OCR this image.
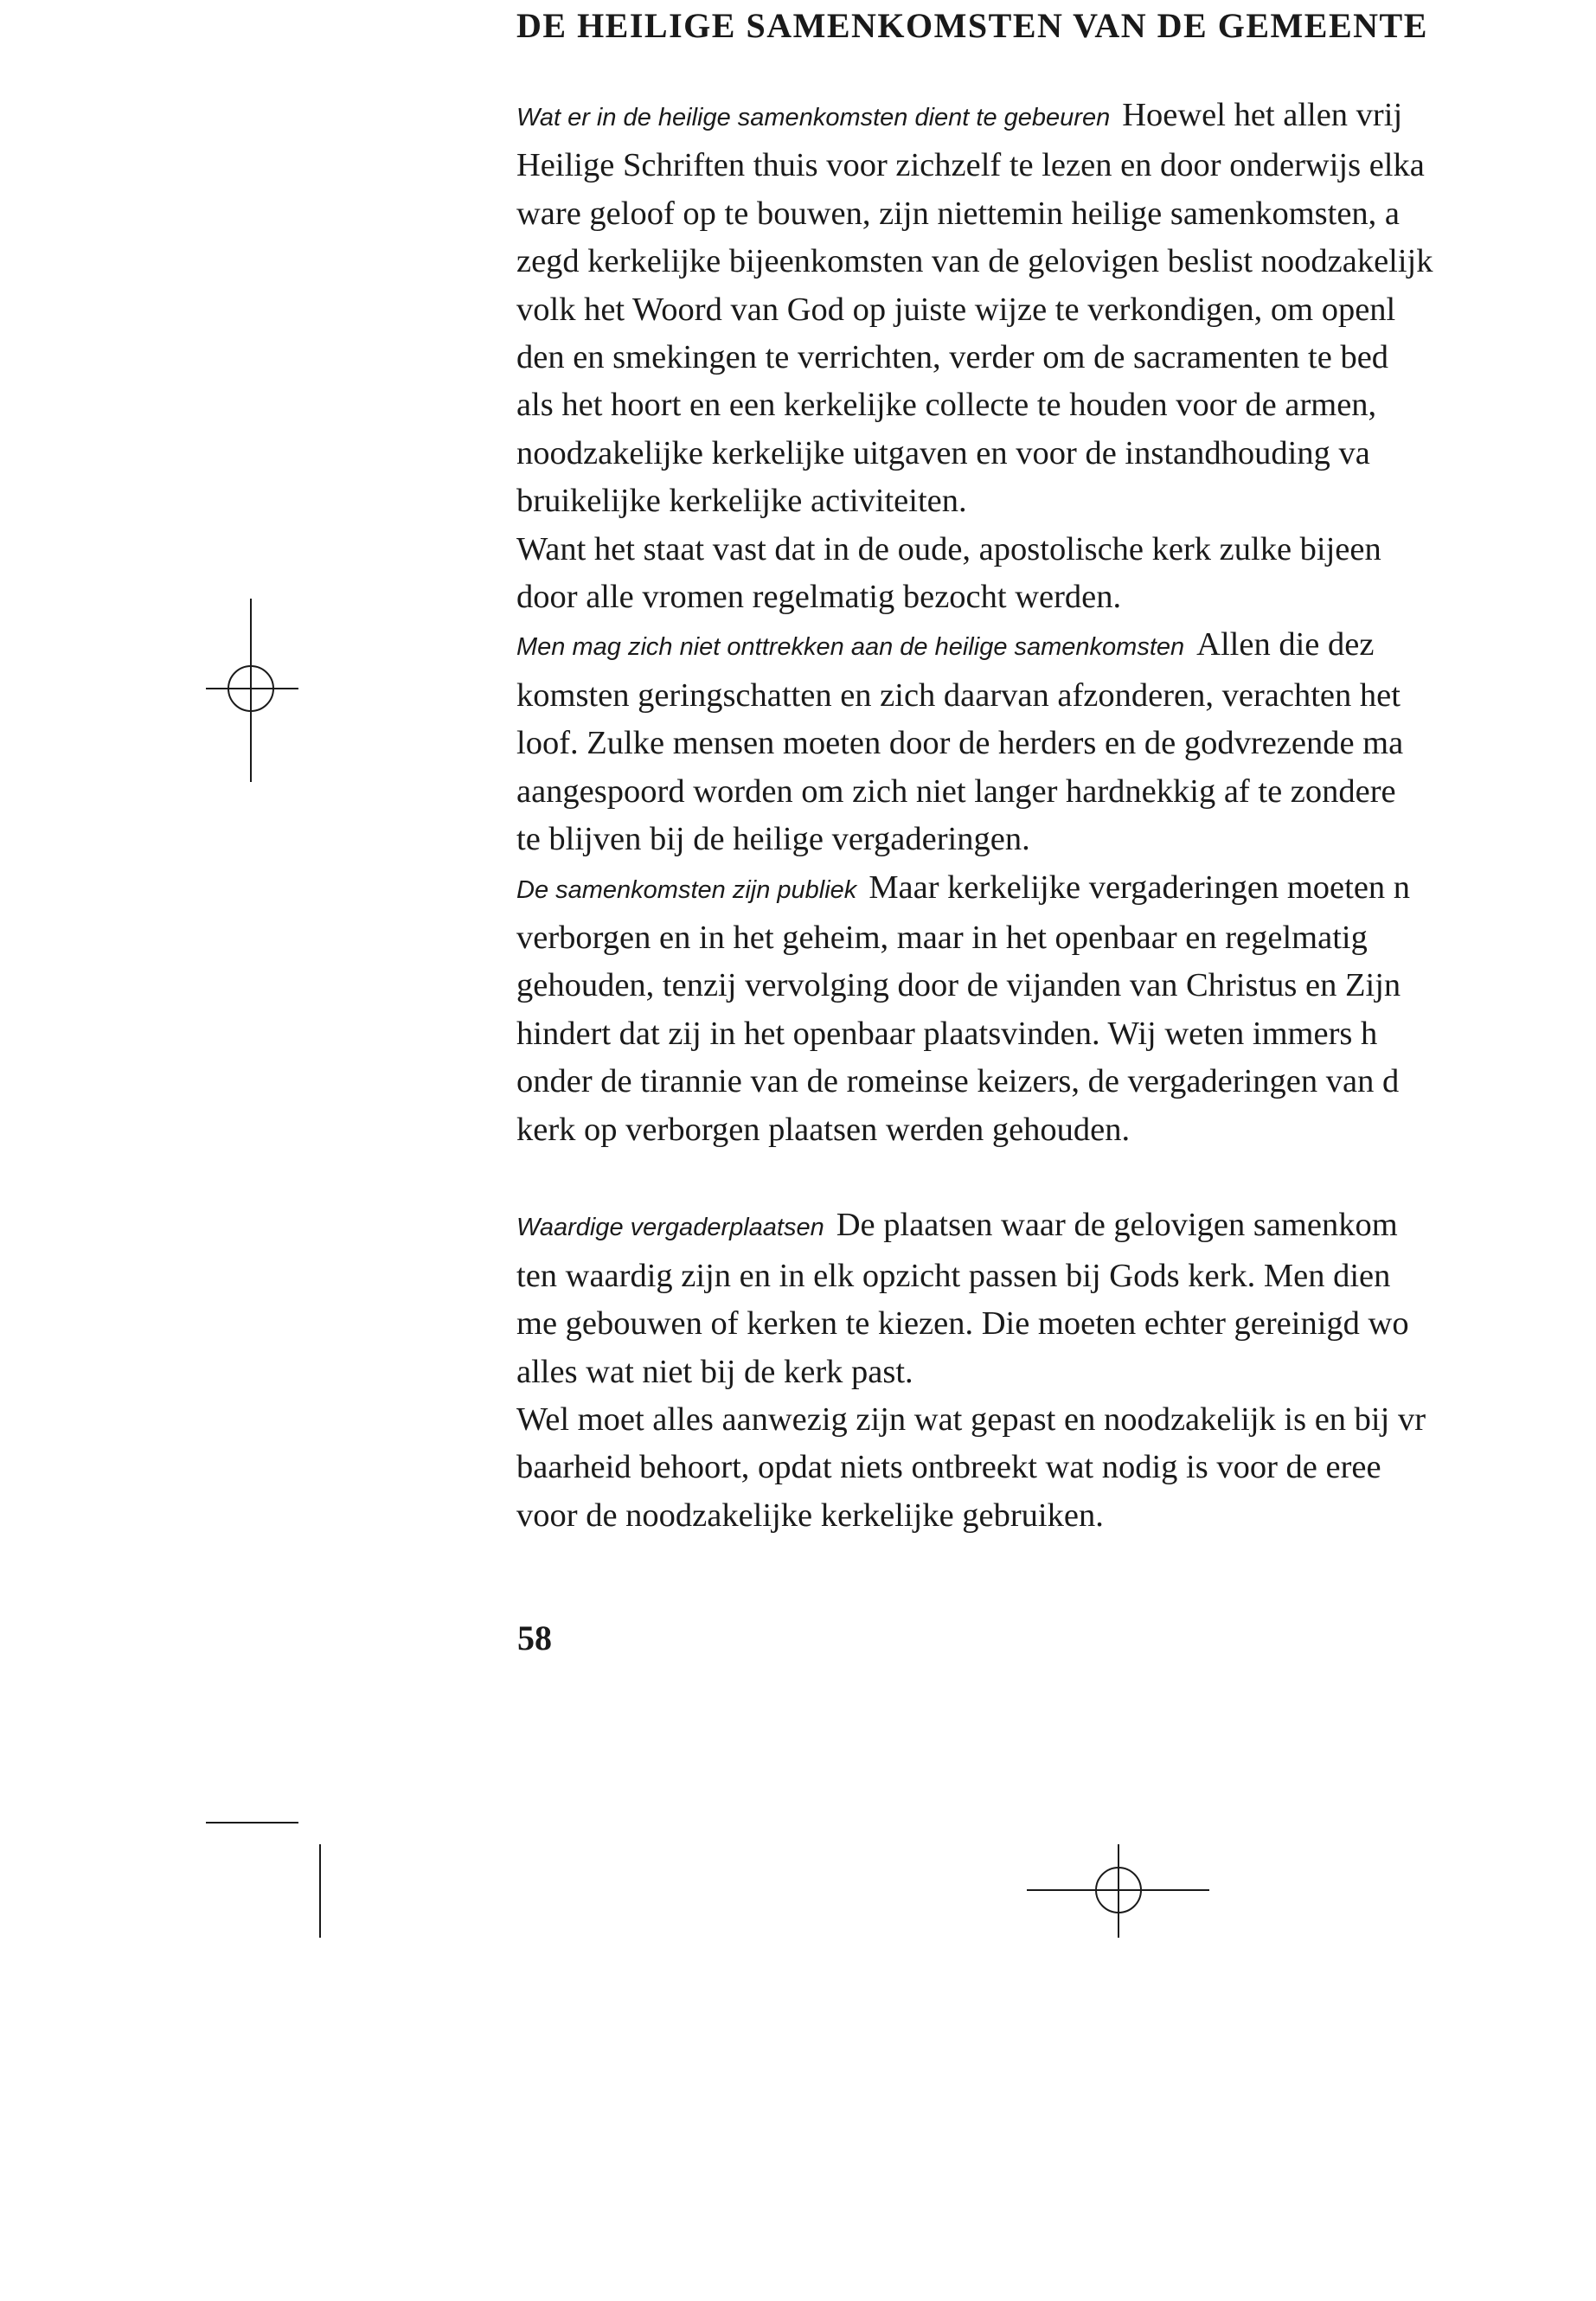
DE HEILIGE SAMENKOMSTEN VAN DE GEMEENTE
Wat er in de heilige samenkomsten dient te gebeuren Hoewel het allen vrij
Heilige Schriften thuis voor zichzelf te lezen en door onderwijs elka
ware geloof op te bouwen, zijn niettemin heilige samenkomsten, a
zegd kerkelijke bijeenkomsten van de gelovigen beslist noodzakelijk
volk het Woord van God op juiste wijze te verkondigen, om openl
den en smekingen te verrichten, verder om de sacramenten te bed
als het hoort en een kerkelijke collecte te houden voor de armen,
noodzakelijke kerkelijke uitgaven en voor de instandhouding va
bruikelijke kerkelijke activiteiten.
Want het staat vast dat in de oude, apostolische kerk zulke bijeen
door alle vromen regelmatig bezocht werden.
Men mag zich niet onttrekken aan de heilige samenkomsten Allen die dez
komsten geringschatten en zich daarvan afzonderen, verachten het
loof. Zulke mensen moeten door de herders en de godvrezende ma
aangespoord worden om zich niet langer hardnekkig af te zondere
te blijven bij de heilige vergaderingen.
De samenkomsten zijn publiek Maar kerkelijke vergaderingen moeten n
verborgen en in het geheim, maar in het openbaar en regelmatig
gehouden, tenzij vervolging door de vijanden van Christus en Zijn
hindert dat zij in het openbaar plaatsvinden. Wij weten immers h
onder de tirannie van de romeinse keizers, de vergaderingen van d
kerk op verborgen plaatsen werden gehouden.
Waardige vergaderplaatsen De plaatsen waar de gelovigen samenkom
ten waardig zijn en in elk opzicht passen bij Gods kerk. Men dien
me gebouwen of kerken te kiezen. Die moeten echter gereinigd wo
alles wat niet bij de kerk past.
Wel moet alles aanwezig zijn wat gepast en noodzakelijk is en bij vr
baarheid behoort, opdat niets ontbreekt wat nodig is voor de eree
voor de noodzakelijke kerkelijke gebruiken.
58
